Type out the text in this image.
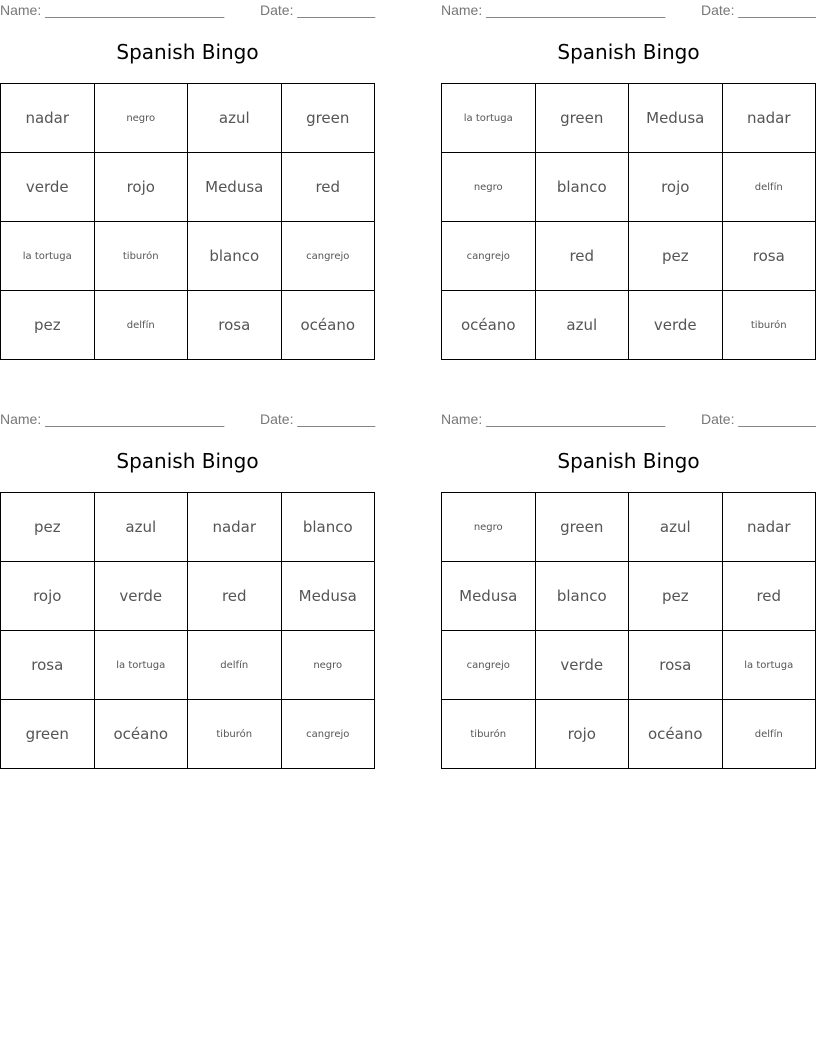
Name: _______________________	Date: __________
Spanish Bingo
nadar	negro	azul	green
verde	rojo	Medusa	red
la tortuga	tiburón	blanco	cangrejo
pez	delfín	rosa	océano
Name: _______________________	Date: __________
Spanish Bingo
la tortuga	green	Medusa	nadar
negro	blanco	rojo	delfín
cangrejo	red	pez	rosa
océano	azul	verde	tiburón
Name: _______________________	Date: __________
Spanish Bingo
pez	azul	nadar	blanco
rojo	verde	red	Medusa
rosa	la tortuga	delfín	negro
green	océano	tiburón	cangrejo
Name: _______________________	Date: __________
Spanish Bingo
negro	green	azul	nadar
Medusa	blanco	pez	red
cangrejo	verde	rosa	la tortuga
tiburón	rojo	océano	delfín
